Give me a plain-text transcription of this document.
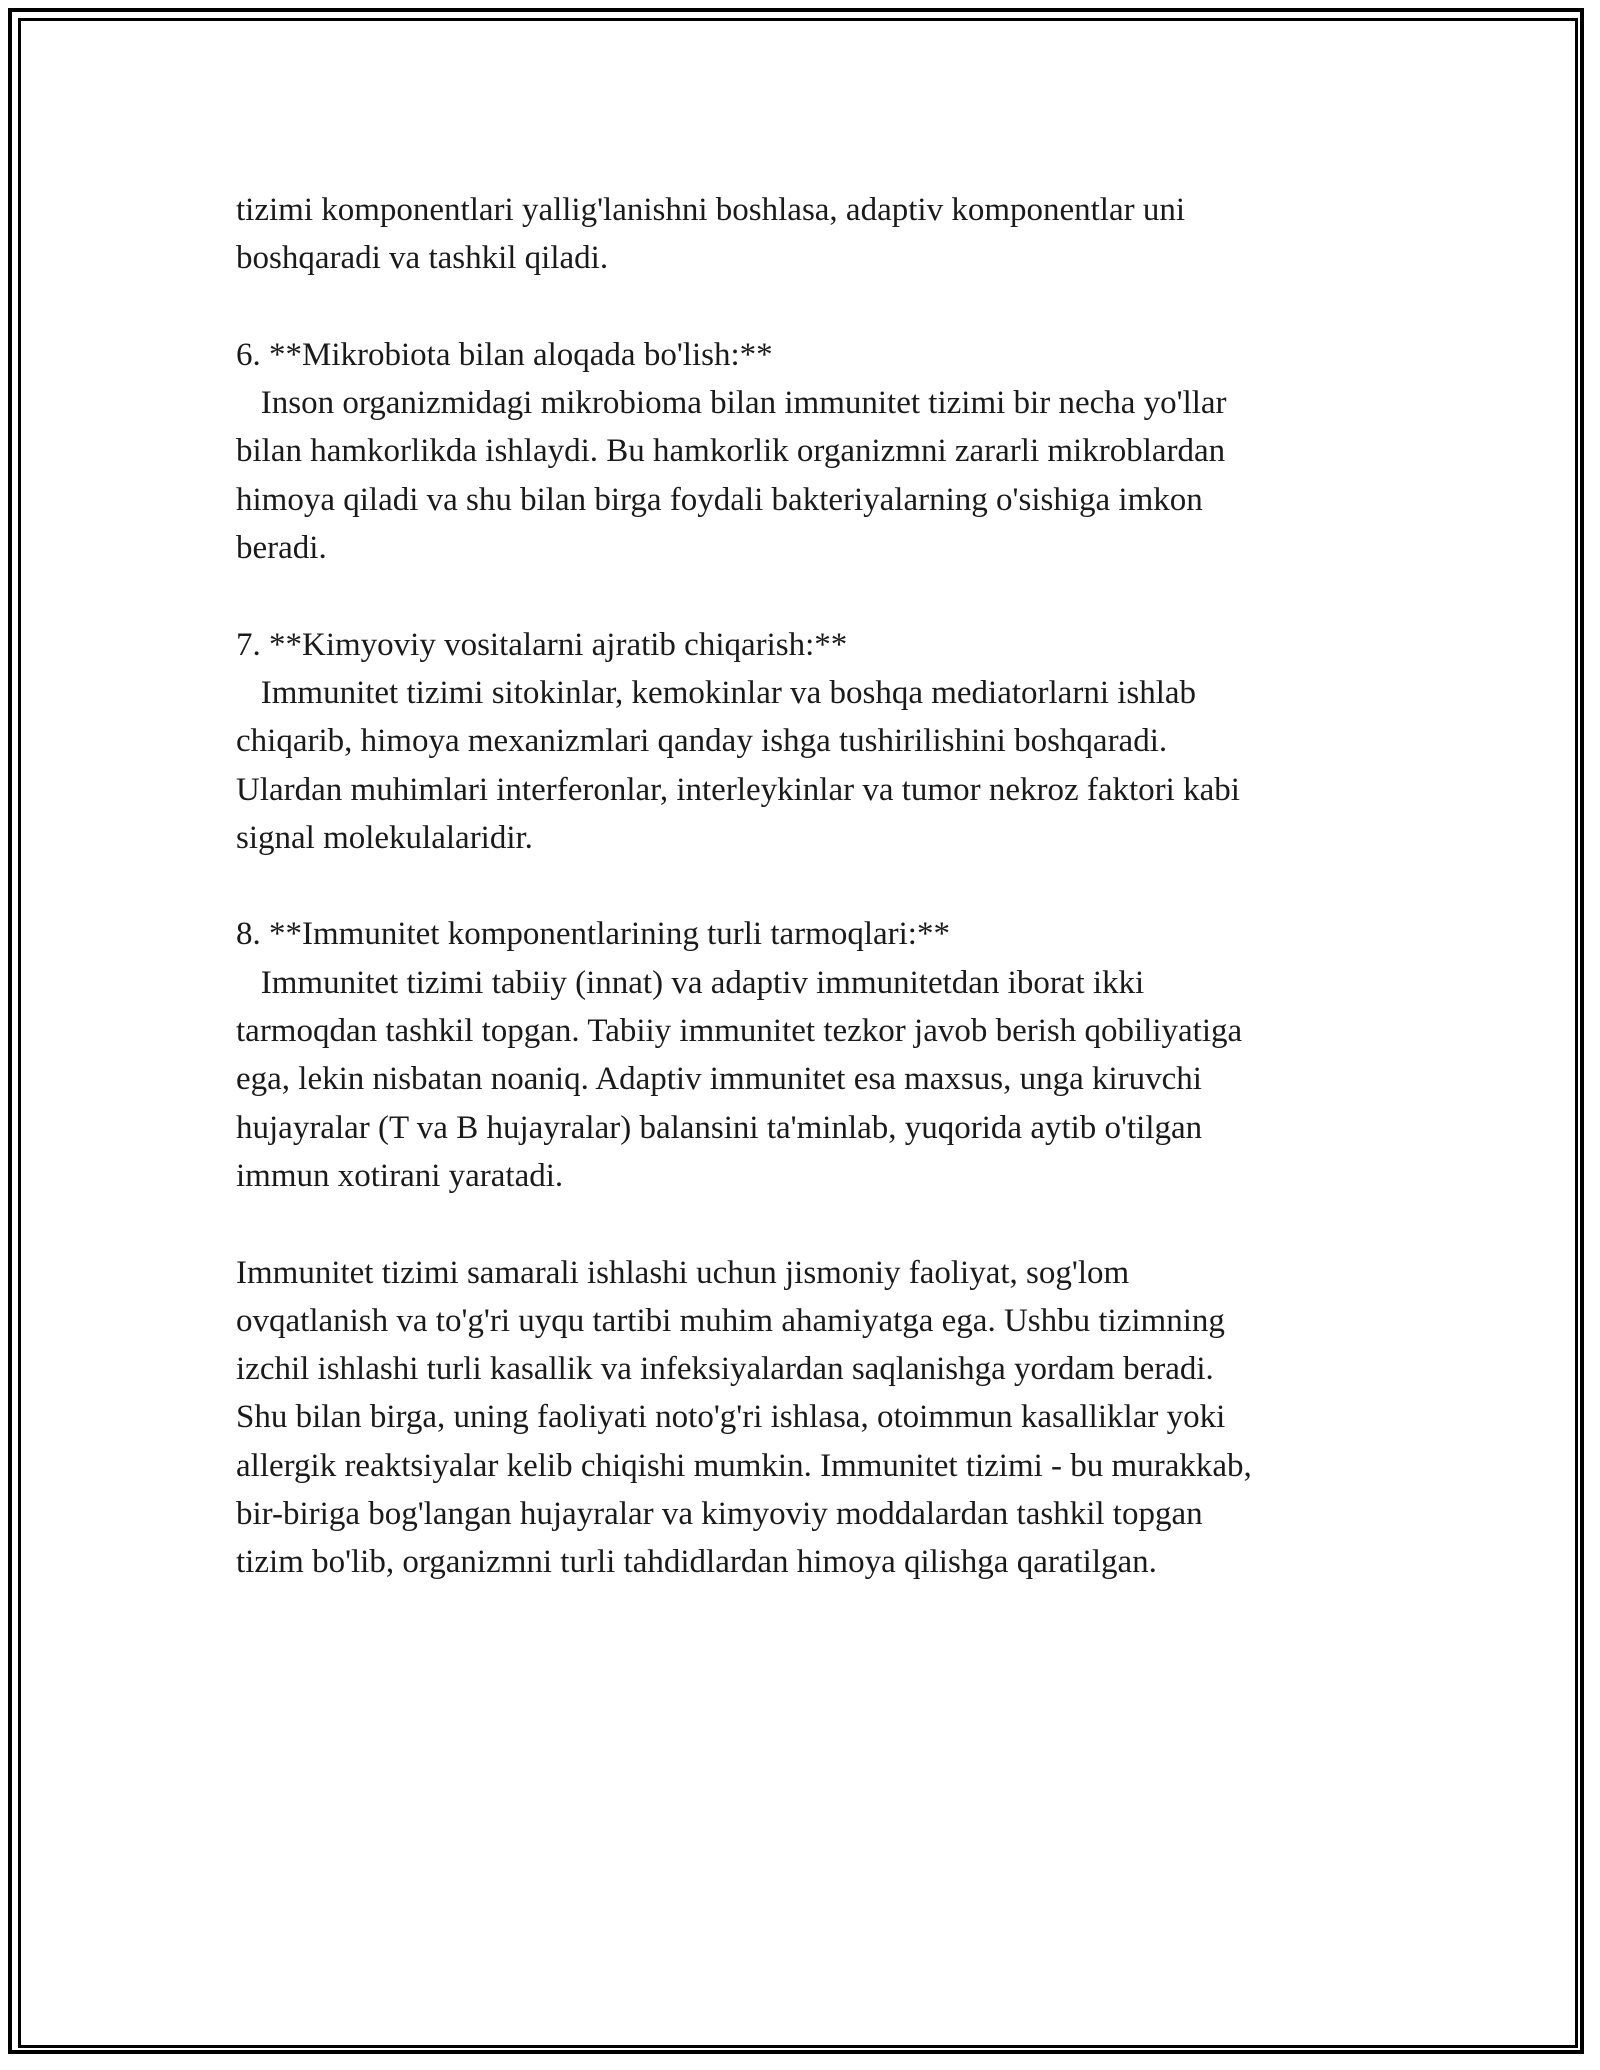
tizimi komponentlari yallig'lanishni boshlasa, adaptiv komponentlar uni
boshqaradi va tashkil qiladi.
6. **Mikrobiota bilan aloqada bo'lish:**
Inson organizmidagi mikrobioma bilan immunitet tizimi bir necha yo'llar
bilan hamkorlikda ishlaydi. Bu hamkorlik organizmni zararli mikroblardan
himoya qiladi va shu bilan birga foydali bakteriyalarning o'sishiga imkon
beradi.
7. **Kimyoviy vositalarni ajratib chiqarish:**
Immunitet tizimi sitokinlar, kemokinlar va boshqa mediatorlarni ishlab
chiqarib, himoya mexanizmlari qanday ishga tushirilishini boshqaradi.
Ulardan muhimlari interferonlar, interleykinlar va tumor nekroz faktori kabi
signal molekulalaridir.
8. **Immunitet komponentlarining turli tarmoqlari:**
Immunitet tizimi tabiiy (innat) va adaptiv immunitetdan iborat ikki
tarmoqdan tashkil topgan. Tabiiy immunitet tezkor javob berish qobiliyatiga
ega, lekin nisbatan noaniq. Adaptiv immunitet esa maxsus, unga kiruvchi
hujayralar (T va B hujayralar) balansini ta'minlab, yuqorida aytib o'tilgan
immun xotirani yaratadi.
Immunitet tizimi samarali ishlashi uchun jismoniy faoliyat, sog'lom
ovqatlanish va to'g'ri uyqu tartibi muhim ahamiyatga ega. Ushbu tizimning
izchil ishlashi turli kasallik va infeksiyalardan saqlanishga yordam beradi.
Shu bilan birga, uning faoliyati noto'g'ri ishlasa, otoimmun kasalliklar yoki
allergik reaktsiyalar kelib chiqishi mumkin. Immunitet tizimi - bu murakkab,
bir-biriga bog'langan hujayralar va kimyoviy moddalardan tashkil topgan
tizim bo'lib, organizmni turli tahdidlardan himoya qilishga qaratilgan.
